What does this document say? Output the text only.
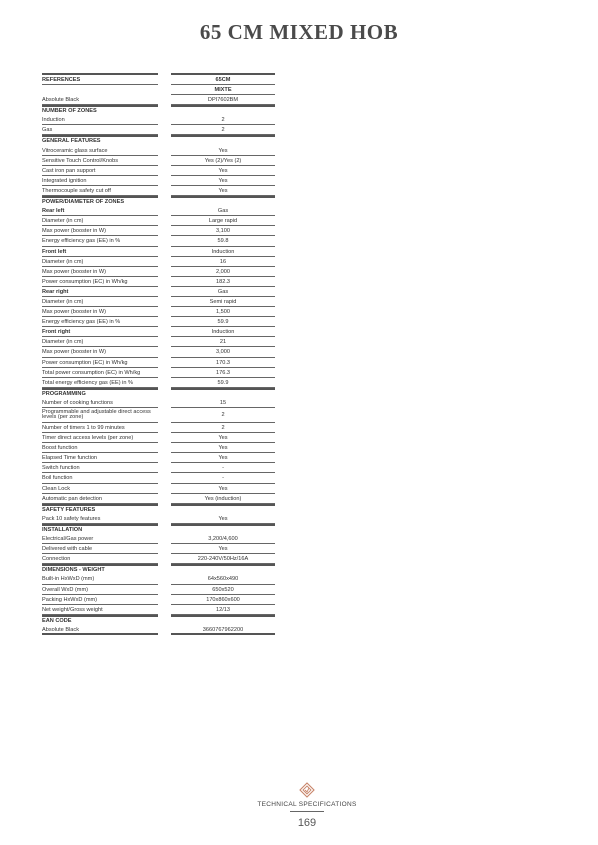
65 CM MIXED HOB
REFERENCES	65CM
MIXTE
Absolute Black	DPI7602BM
NUMBER OF ZONES
Induction	2
Gas	2
GENERAL FEATURES
Vitroceramic glass surface	Yes
Sensitive Touch Control/Knobs	Yes (2)/Yes (2)
Cast iron pan support	Yes
Integrated ignition	Yes
Thermocouple safety cut off	Yes
POWER/DIAMETER OF ZONES
Rear left	Gas
Diameter (in cm)	Large rapid
Max power (booster in W)	3,100
Energy efficiency gas (EE) in %	59.8
Front left	Induction
Diameter (in cm)	16
Max power (booster in W)	2,000
Power consumption (EC) in Wh/kg	182.3
Rear right	Gas
Diameter (in cm)	Semi rapid
Max power (booster in W)	1,500
Energy efficiency gas (EE) in %	59.9
Front right	Induction
Diameter (in cm)	21
Max power (booster in W)	3,000
Power consumption (EC) in Wh/kg	170.3
Total power consumption (EC) in Wh/kg	176.3
Total energy efficiency gas (EE) in %	59.9
PROGRAMMING
Number of cooking functions	15
Programmable and adjustable direct access levels (per zone)	2
Number of timers 1 to 99 minutes	2
Timer direct access levels (per zone)	Yes
Boost function	Yes
Elapsed Time function	Yes
Switch function	-
Boil function	-
Clean Lock	Yes
Automatic pan detection	Yes (induction)
SAFETY FEATURES
Pack 10 safety features	Yes
INSTALLATION
Electrical/Gas power	3,200/4,600
Delivered with cable	Yes
Connection	220-240V/50Hz/16A
DIMENSIONS - WEIGHT
Built-in HxWxD (mm)	64x560x490
Overall WxD (mm)	650x520
Packing HxWxD (mm)	170x860x600
Net weight/Gross weight	12/13
EAN CODE
Absolute Black	3660767962200
TECHNICAL SPECIFICATIONS
169
